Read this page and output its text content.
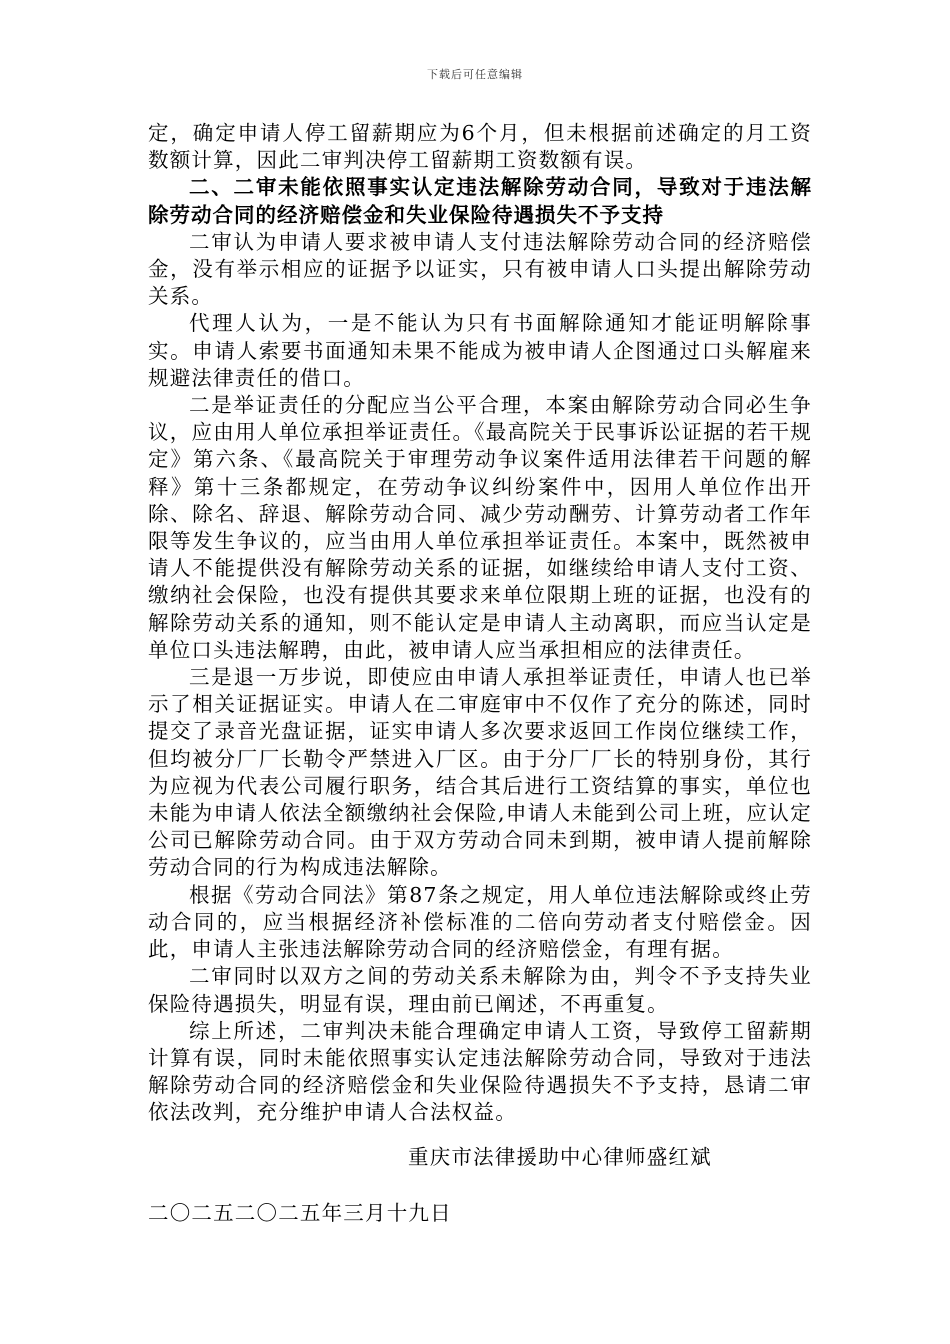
下载后可任意编辑

定，确定申请人停工留薪期应为6个月，但未根据前述确定的月工资数额计算，因此二审判决停工留薪期工资数额有误。

二、二审未能依照事实认定违法解除劳动合同，导致对于违法解除劳动合同的经济赔偿金和失业保险待遇损失不予支持

二审认为申请人要求被申请人支付违法解除劳动合同的经济赔偿金，没有举示相应的证据予以证实，只有被申请人口头提出解除劳动关系。

代理人认为，一是不能认为只有书面解除通知才能证明解除事实。申请人索要书面通知未果不能成为被申请人企图通过口头解雇来规避法律责任的借口。

二是举证责任的分配应当公平合理，本案由解除劳动合同必生争议，应由用人单位承担举证责任。《最高院关于民事诉讼证据的若干规定》第六条、《最高院关于审理劳动争议案件适用法律若干问题的解释》第十三条都规定，在劳动争议纠纷案件中，因用人单位作出开除、除名、辞退、解除劳动合同、减少劳动酬劳、计算劳动者工作年限等发生争议的，应当由用人单位承担举证责任。本案中，既然被申请人不能提供没有解除劳动关系的证据，如继续给申请人支付工资、缴纳社会保险，也没有提供其要求来单位限期上班的证据，也没有的解除劳动关系的通知，则不能认定是申请人主动离职，而应当认定是单位口头违法解聘，由此，被申请人应当承担相应的法律责任。

三是退一万步说，即使应由申请人承担举证责任，申请人也已举示了相关证据证实。申请人在二审庭审中不仅作了充分的陈述，同时提交了录音光盘证据，证实申请人多次要求返回工作岗位继续工作，但均被分厂厂长勒令严禁进入厂区。由于分厂厂长的特别身份，其行为应视为代表公司履行职务，结合其后进行工资结算的事实，单位也未能为申请人依法全额缴纳社会保险,申请人未能到公司上班，应认定公司已解除劳动合同。由于双方劳动合同未到期，被申请人提前解除劳动合同的行为构成违法解除。

根据《劳动合同法》第87条之规定，用人单位违法解除或终止劳动合同的，应当根据经济补偿标准的二倍向劳动者支付赔偿金。因此，申请人主张违法解除劳动合同的经济赔偿金，有理有据。

二审同时以双方之间的劳动关系未解除为由，判令不予支持失业保险待遇损失，明显有误，理由前已阐述，不再重复。

综上所述，二审判决未能合理确定申请人工资，导致停工留薪期计算有误，同时未能依照事实认定违法解除劳动合同，导致对于违法解除劳动合同的经济赔偿金和失业保险待遇损失不予支持，恳请二审依法改判，充分维护申请人合法权益。

重庆市法律援助中心律师盛红斌
二〇二五二〇二五年三月十九日
